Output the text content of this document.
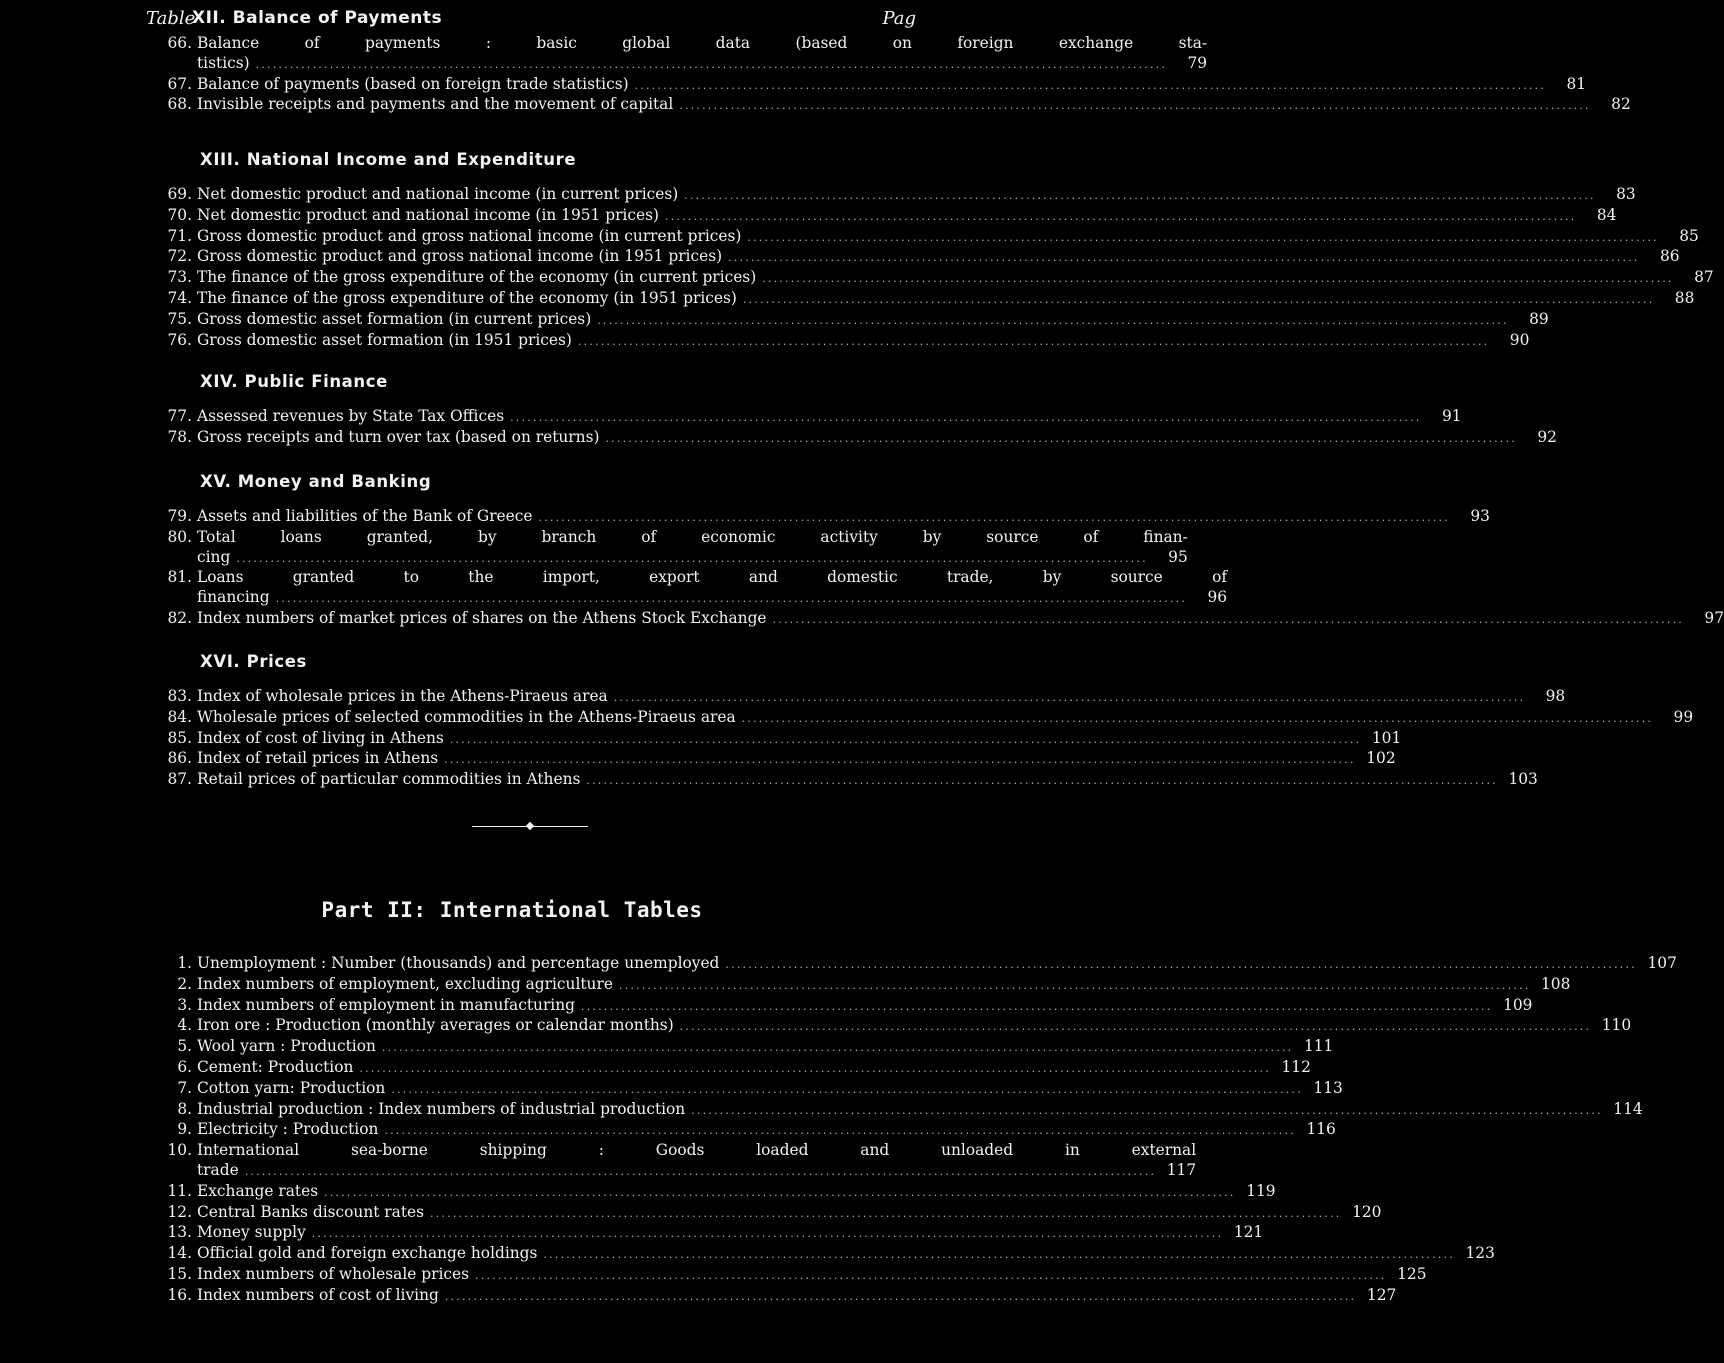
Table
XII. Balance of Payments	Pag
66. Balance of payments : basic global data (based on foreign exchange sta-
tistics) ................................................................................................................................................................	79
67. Balance of payments (based on foreign trade statistics) ................................................................................................................................................................	81
68. Invisible receipts and payments and the movement of capital ................................................................................................................................................................	82
XIII. National Income and Expenditure
69. Net domestic product and national income (in current prices) ................................................................................................................................................................	83
70. Net domestic product and national income (in 1951 prices) ................................................................................................................................................................	84
71. Gross domestic product and gross national income (in current prices) ................................................................................................................................................................	85
72. Gross domestic product and gross national income (in 1951 prices) ................................................................................................................................................................	86
73. The finance of the gross expenditure of the economy (in current prices) ................................................................................................................................................................	87
74. The finance of the gross expenditure of the economy (in 1951 prices) ................................................................................................................................................................	88
75. Gross domestic asset formation (in current prices) ................................................................................................................................................................	89
76. Gross domestic asset formation (in 1951 prices) ................................................................................................................................................................	90
XIV. Public Finance
77. Assessed revenues by State Tax Offices ................................................................................................................................................................	91
78. Gross receipts and turn over tax (based on returns) ................................................................................................................................................................	92
XV. Money and Banking
79. Assets and liabilities of the Bank of Greece ................................................................................................................................................................	93
80. Total loans granted, by branch of economic activity by source of finan-
cing ................................................................................................................................................................	95
81. Loans granted to the import, export and domestic trade, by source of
financing ................................................................................................................................................................	96
82. Index numbers of market prices of shares on the Athens Stock Exchange ................................................................................................................................................................	97
XVI. Prices
83. Index of wholesale prices in the Athens-Piraeus area ................................................................................................................................................................	98
84. Wholesale prices of selected commodities in the Athens-Piraeus area ................................................................................................................................................................	99
85. Index of cost of living in Athens ................................................................................................................................................................ 101
86. Index of retail prices in Athens ................................................................................................................................................................ 102
87. Retail prices of particular commodities in Athens ................................................................................................................................................................ 103
Part II: International Tables
1. Unemployment : Number (thousands) and percentage unemployed ................................................................................................................................................................ 107
2. Index numbers of employment, excluding agriculture ................................................................................................................................................................ 108
3. Index numbers of employment in manufacturing ................................................................................................................................................................ 109
4. Iron ore : Production (monthly averages or calendar months) ................................................................................................................................................................ 110
5. Wool yarn : Production ................................................................................................................................................................ 111
6. Cement: Production ................................................................................................................................................................ 112
7. Cotton yarn: Production ................................................................................................................................................................ 113
8. Industrial production : Index numbers of industrial production ................................................................................................................................................................ 114
9. Electricity : Production ................................................................................................................................................................ 116
10. International sea-borne shipping : Goods loaded and unloaded in external
trade ................................................................................................................................................................ 117
11. Exchange rates ................................................................................................................................................................ 119
12. Central Banks discount rates ................................................................................................................................................................ 120
13. Money supply ................................................................................................................................................................ 121
14. Official gold and foreign exchange holdings ................................................................................................................................................................ 123
15. Index numbers of wholesale prices ................................................................................................................................................................ 125
16. Index numbers of cost of living ................................................................................................................................................................ 127
